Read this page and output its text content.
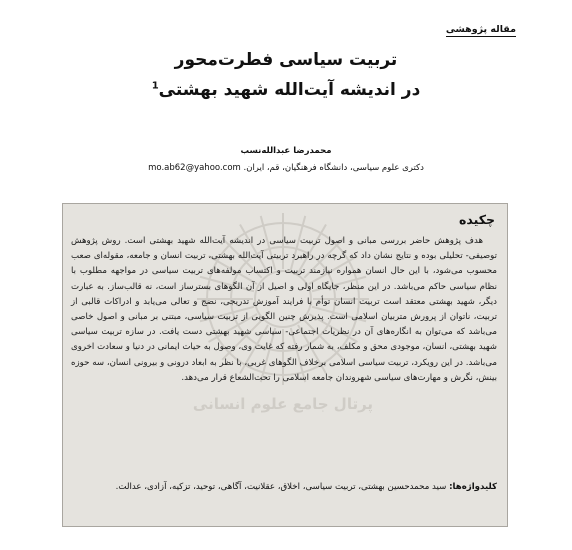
مقاله پژوهشی
تربیت سیاسی فطرت‌محور
در اندیشه آیت‌الله شهید بهشتی$^1$
محمدرضا عبدالله‌نسب
دکتری علوم سیاسی، دانشگاه فرهنگیان، قم، ایران. mo.ab62@yahoo.com
پرتال جامع علوم انسانی
چکیده
هدف پژوهش حاضر بررسی مبانی و اصول تربیت سیاسی در اندیشه آیت‌الله شهید بهشتی است. روش پژوهش توصیفی- تحلیلی بوده و نتایج نشان داد که گرچه در راهبرد تربیتی آیت‌الله بهشتی، تربیت انسان و جامعه، مقوله‌ای صعب محسوب می‌شود، با این حال انسان همواره نیازمند تربیت و اکتساب مولفه‌های تربیت سیاسی در مواجهه مطلوب با نظام سیاسی حاکم می‌باشد. در این منظر، جایگاه اولی و اصیل از آن الگوهای بسترساز است، نه قالب‌ساز. به عبارت دیگر، شهید بهشتی معتقد است تربیت انسان توأم با فرایند آموزش تدریجی، نضج و تعالی می‌یابد و ادراکات قالبی از تربیت، ناتوان از پرورش متربیان اسلامی است. پذیرش چنین الگویی از تربیت سیاسی، مبتنی بر مبانی و اصول خاصی می‌باشد که می‌توان به انگاره‌های آن در نظریات اجتماعی- سیاسی شهید بهشتی دست یافت. در سازه تربیت سیاسی شهید بهشتی، انسان، موجودی محق و مکلف، به شمار رفته که غایت وی، وصول به حیات ایمانی در دنیا و سعادت اخروی می‌باشد. در این رویکرد، تربیت سیاسی اسلامی برخلاف الگوهای غربی، با نظر به ابعاد درونی و بیرونی انسان، سه حوزه بینش، نگرش و مهارت‌های سیاسی شهروندان جامعه اسلامی را تحت‌الشعاع قرار می‌دهد.
کلیدواژه‌ها: سید محمدحسین بهشتی، تربیت سیاسی، اخلاق، عقلانیت، آگاهی، توحید، تزکیه، آزادی، عدالت.
